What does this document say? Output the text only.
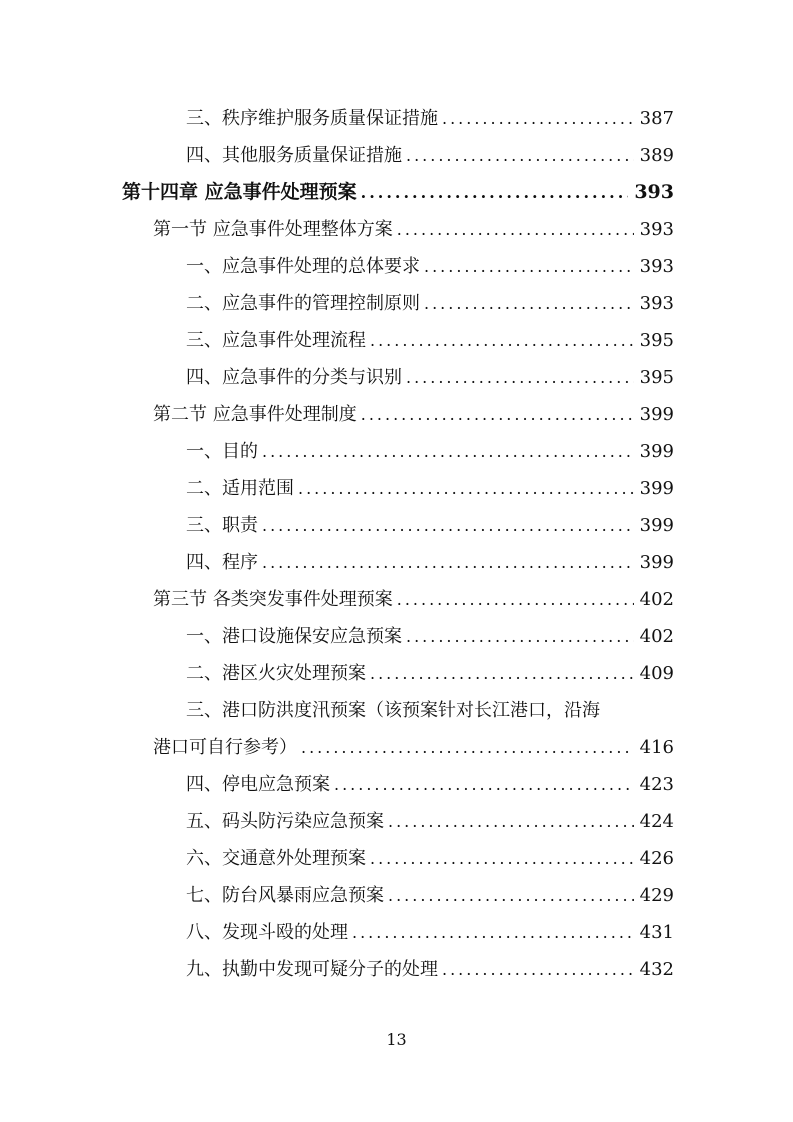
三、秩序维护服务质量保证措施 .....	387
四、其他服务质量保证措施 .....	389
第十四章 应急事件处理预案 .....	393
第一节 应急事件处理整体方案 .....	393
一、应急事件处理的总体要求 .....	393
二、应急事件的管理控制原则 .....	393
三、应急事件处理流程 .....	395
四、应急事件的分类与识别 .....	395
第二节 应急事件处理制度 .....	399
一、目的 .....	399
二、适用范围 .....	399
三、职责 .....	399
四、程序 .....	399
第三节 各类突发事件处理预案 .....	402
一、港口设施保安应急预案 .....	402
二、港区火灾处理预案 .....	409
三、港口防洪度汛预案（该预案针对长江港口，沿海
港口可自行参考） .....	416
四、停电应急预案 .....	423
五、码头防污染应急预案 .....	424
六、交通意外处理预案 .....	426
七、防台风暴雨应急预案 .....	429
八、发现斗殴的处理 .....	431
九、执勤中发现可疑分子的处理 .....	432
13
